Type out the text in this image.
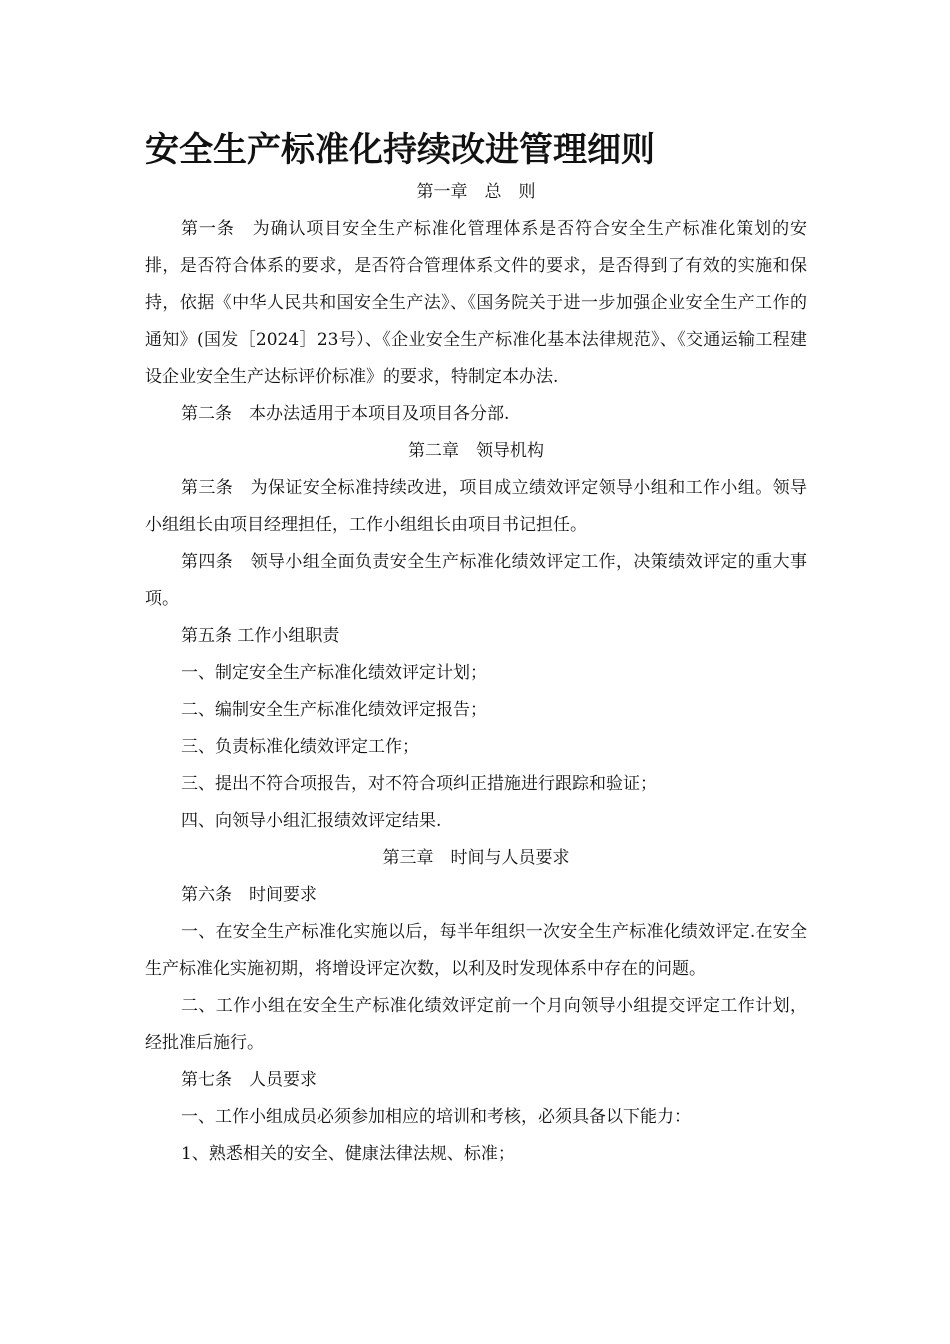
安全生产标准化持续改进管理细则

第一章　总　则

第一条　为确认项目安全生产标准化管理体系是否符合安全生产标准化策划的安排，是否符合体系的要求，是否符合管理体系文件的要求，是否得到了有效的实施和保持，依据《中华人民共和国安全生产法》、《国务院关于进一步加强企业安全生产工作的通知》(国发［2024］23号）、《企业安全生产标准化基本法律规范》、《交通运输工程建设企业安全生产达标评价标准》的要求，特制定本办法.

第二条　本办法适用于本项目及项目各分部.

第二章　领导机构

第三条　为保证安全标准持续改进，项目成立绩效评定领导小组和工作小组。领导小组组长由项目经理担任，工作小组组长由项目书记担任。

第四条　领导小组全面负责安全生产标准化绩效评定工作，决策绩效评定的重大事项。

第五条 工作小组职责

一、制定安全生产标准化绩效评定计划；

二、编制安全生产标准化绩效评定报告；

三、负责标准化绩效评定工作；

三、提出不符合项报告，对不符合项纠正措施进行跟踪和验证；

四、向领导小组汇报绩效评定结果.

第三章　时间与人员要求

第六条　时间要求

一、在安全生产标准化实施以后，每半年组织一次安全生产标准化绩效评定.在安全生产标准化实施初期，将增设评定次数，以利及时发现体系中存在的问题。

二、工作小组在安全生产标准化绩效评定前一个月向领导小组提交评定工作计划，经批准后施行。

第七条　人员要求

一、工作小组成员必须参加相应的培训和考核，必须具备以下能力：

1、熟悉相关的安全、健康法律法规、标准；
